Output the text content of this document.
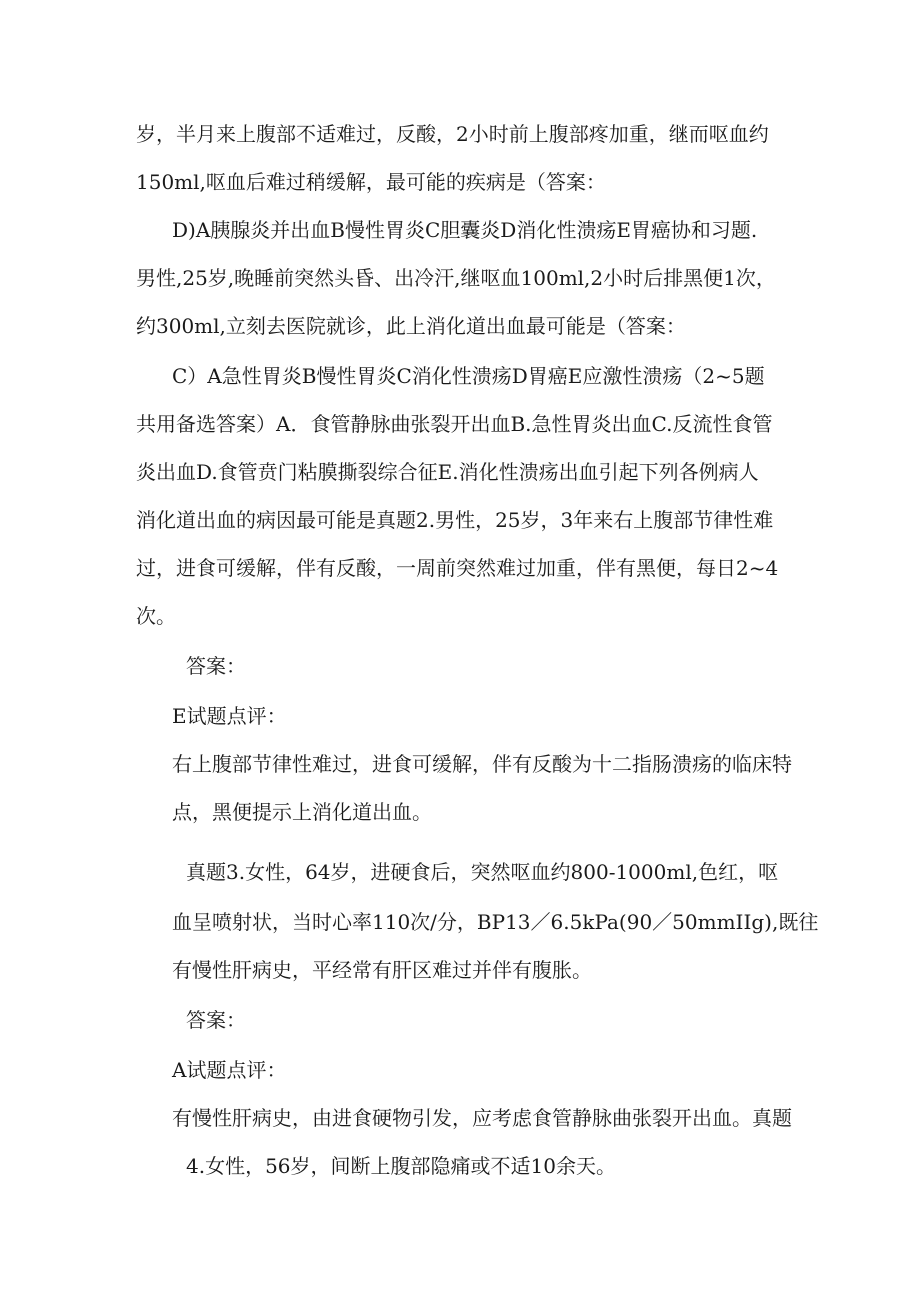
岁，半月来上腹部不适难过，反酸，2小时前上腹部疼加重，继而呕血约
150ml,呕血后难过稍缓解，最可能的疾病是（答案：
D)A胰腺炎并出血B慢性胃炎C胆囊炎D消化性溃疡E胃癌协和习题.
男性,25岁,晚睡前突然头昏、出冷汗,继呕血100ml,2小时后排黑便1次，
约300ml,立刻去医院就诊，此上消化道出血最可能是（答案：
C）A急性胃炎B慢性胃炎C消化性溃疡D胃癌E应激性溃疡（2~5题
共用备选答案）A．食管静脉曲张裂开出血B.急性胃炎出血C.反流性食管
炎出血D.食管贲门粘膜撕裂综合征E.消化性溃疡出血引起下列各例病人
消化道出血的病因最可能是真题2.男性，25岁，3年来右上腹部节律性难
过，进食可缓解，伴有反酸，一周前突然难过加重，伴有黑便，每日2~4
次。
答案：
E试题点评：
右上腹部节律性难过，进食可缓解，伴有反酸为十二指肠溃疡的临床特
点，黑便提示上消化道出血。
真题3.女性，64岁，进硬食后，突然呕血约800-1000ml,色红，呕
血呈喷射状，当时心率110次/分，BP13／6.5kPa(90／50mmIIg),既往
有慢性肝病史，平经常有肝区难过并伴有腹胀。
答案：
A试题点评：
有慢性肝病史，由进食硬物引发，应考虑食管静脉曲张裂开出血。真题
4.女性，56岁，间断上腹部隐痛或不适10余天。
